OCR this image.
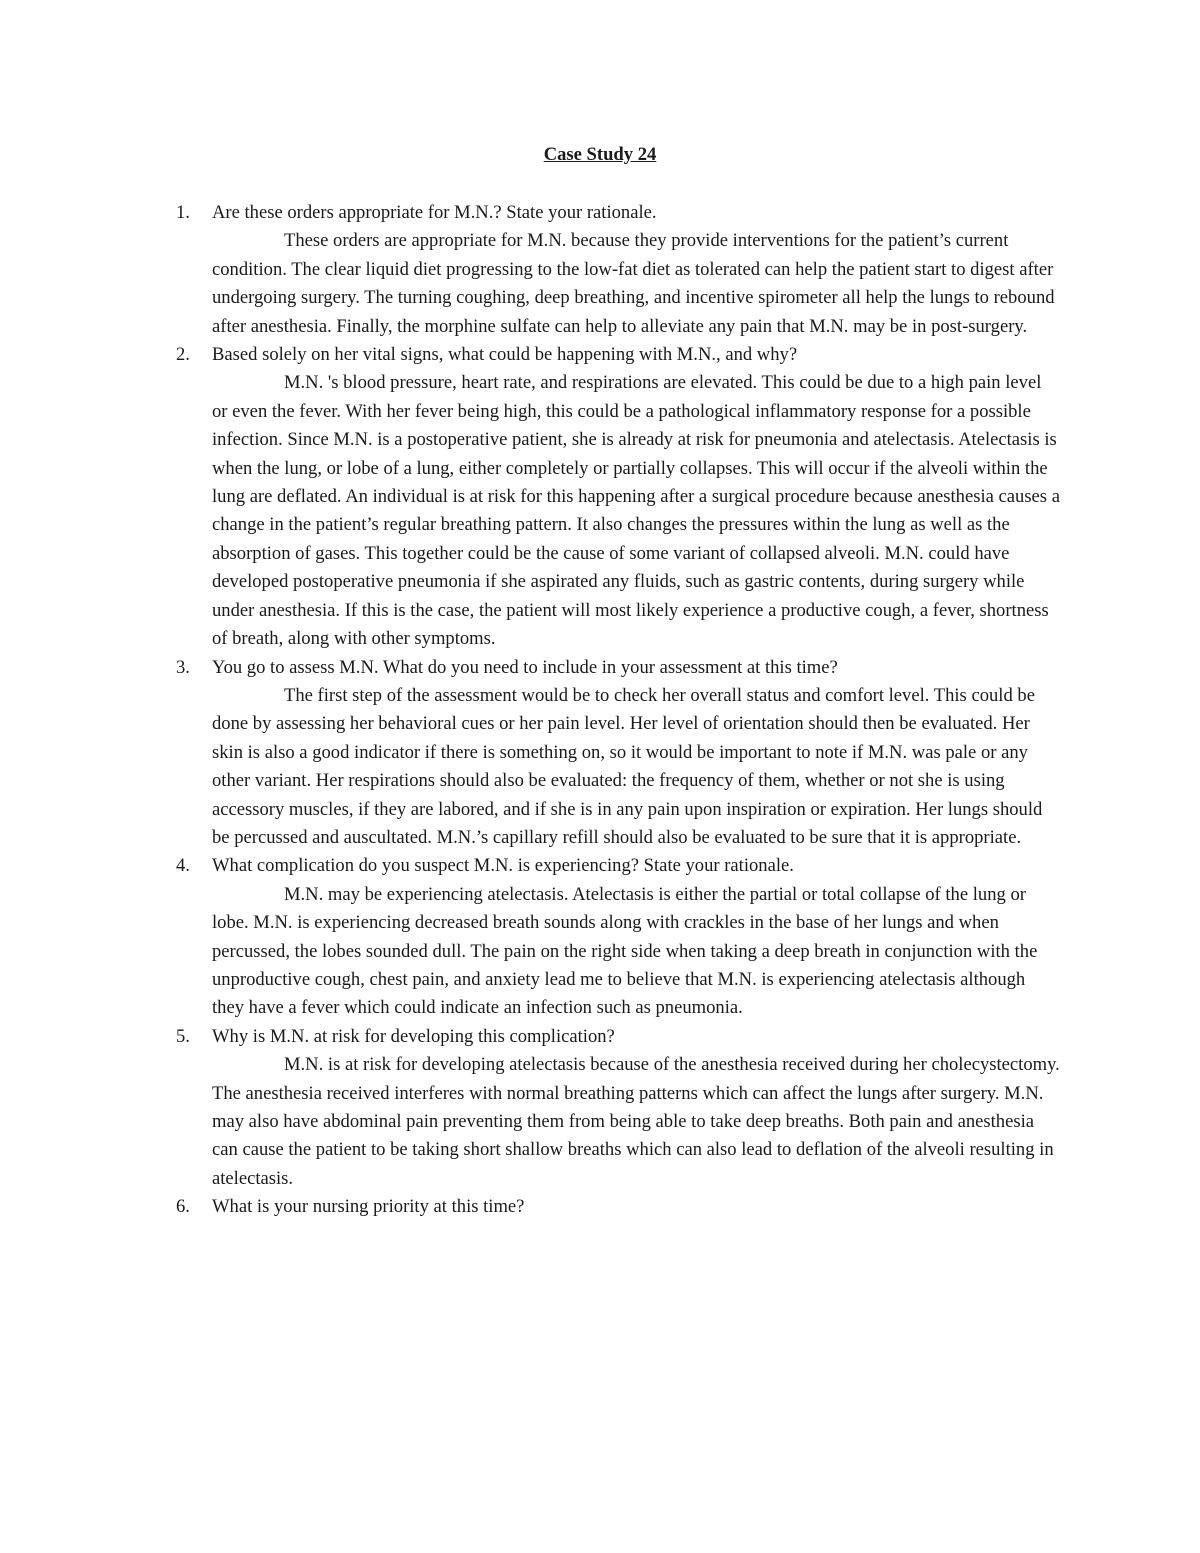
Case Study 24
1. Are these orders appropriate for M.N.? State your rationale.

These orders are appropriate for M.N. because they provide interventions for the patient’s current condition. The clear liquid diet progressing to the low-fat diet as tolerated can help the patient start to digest after undergoing surgery. The turning coughing, deep breathing, and incentive spirometer all help the lungs to rebound after anesthesia. Finally, the morphine sulfate can help to alleviate any pain that M.N. may be in post-surgery.

2. Based solely on her vital signs, what could be happening with M.N., and why?

M.N. 's blood pressure, heart rate, and respirations are elevated. This could be due to a high pain level or even the fever. With her fever being high, this could be a pathological inflammatory response for a possible infection. Since M.N. is a postoperative patient, she is already at risk for pneumonia and atelectasis. Atelectasis is when the lung, or lobe of a lung, either completely or partially collapses. This will occur if the alveoli within the lung are deflated. An individual is at risk for this happening after a surgical procedure because anesthesia causes a change in the patient’s regular breathing pattern. It also changes the pressures within the lung as well as the absorption of gases. This together could be the cause of some variant of collapsed alveoli. M.N. could have developed postoperative pneumonia if she aspirated any fluids, such as gastric contents, during surgery while under anesthesia. If this is the case, the patient will most likely experience a productive cough, a fever, shortness of breath, along with other symptoms.

3. You go to assess M.N. What do you need to include in your assessment at this time?

The first step of the assessment would be to check her overall status and comfort level. This could be done by assessing her behavioral cues or her pain level. Her level of orientation should then be evaluated. Her skin is also a good indicator if there is something on, so it would be important to note if M.N. was pale or any other variant. Her respirations should also be evaluated: the frequency of them, whether or not she is using accessory muscles, if they are labored, and if she is in any pain upon inspiration or expiration. Her lungs should be percussed and auscultated. M.N.’s capillary refill should also be evaluated to be sure that it is appropriate.

4. What complication do you suspect M.N. is experiencing? State your rationale.

M.N. may be experiencing atelectasis. Atelectasis is either the partial or total collapse of the lung or lobe. M.N. is experiencing decreased breath sounds along with crackles in the base of her lungs and when percussed, the lobes sounded dull. The pain on the right side when taking a deep breath in conjunction with the unproductive cough, chest pain, and anxiety lead me to believe that M.N. is experiencing atelectasis although they have a fever which could indicate an infection such as pneumonia.

5. Why is M.N. at risk for developing this complication?

M.N. is at risk for developing atelectasis because of the anesthesia received during her cholecystectomy. The anesthesia received interferes with normal breathing patterns which can affect the lungs after surgery. M.N. may also have abdominal pain preventing them from being able to take deep breaths. Both pain and anesthesia can cause the patient to be taking short shallow breaths which can also lead to deflation of the alveoli resulting in atelectasis.

6. What is your nursing priority at this time?
